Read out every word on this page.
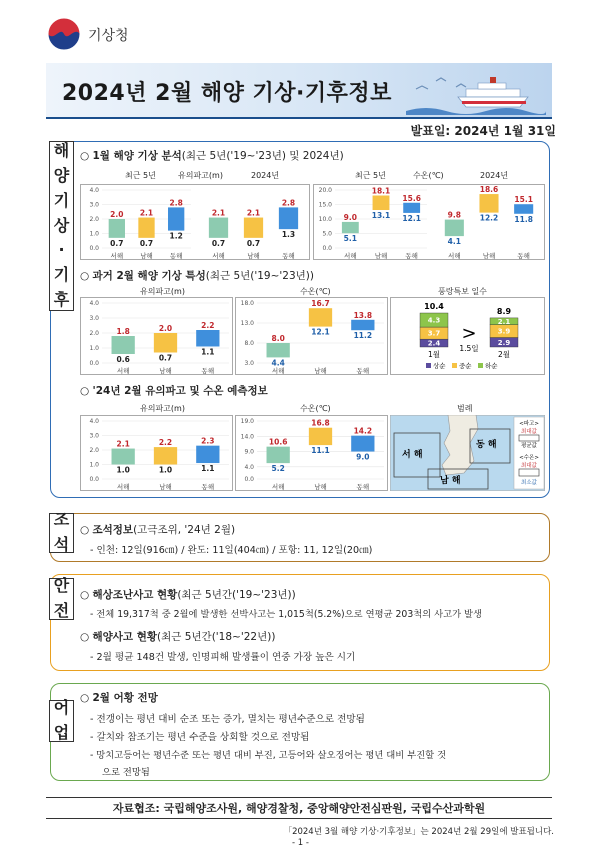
기상청
2024년 2월 해양 기상·기후정보
발표일: 2024년 1월 31일
해
양
기
상
·
기
후
○ 1월 해양 기상 분석(최근 5년('19~'23년) 및 2024년)
최근 5년	유의파고(m)	2024년	최근 5년	수온(℃)	2024년
0.0
1.0
2.0
3.0
4.0
2.0
0.7
서해
2.1
0.7
남해
2.8
1.2
동해
2.1
0.7
서해
2.1
0.7
남해
2.8
1.3
동해
0.0
5.0
10.0
15.0
20.0
9.0
5.1
서해
18.1
13.1
남해
15.6
12.1
동해
9.8
4.1
서해
18.6
12.2
남해
15.1
11.8
동해
○ 과거 2월 해양 기상 특성(최근 5년('19~'23년))
유의파고(m)	수온(℃)	풍랑특보 일수
0.0
1.0
2.0
3.0
4.0
1.8
0.6
서해
2.0
0.7
남해
2.2
1.1
동해
3.0
8.0
13.0
18.0
8.0
4.4
서해
16.7
12.1
남해
13.8
11.2
동해
10.4
8.9
2.4
3.7
4.3
2.9
3.9
2.1
>
1.5일
1월	2월
상순 중순 하순
○ '24년 2월 유의파고 및 수온 예측정보
유의파고(m)	수온(℃)	범례
0.0
1.0
2.0
3.0
4.0
2.1
1.0
서해
2.2
1.0
남해
2.3
1.1
동해
0.0
4.0
9.0
14.0
19.0
10.6
5.2
서해
16.8
11.1
남해
14.2
9.0
동해
서 해
동 해
남 해
<파고>
최대값
평균값
<수온>
최대값
최소값
조
석
○ 조석정보(고극조위, '24년 2월)
- 인천: 12일(916㎝) / 완도: 11일(404㎝) / 포항: 11, 12일(20㎝)
안
전
○ 해상조난사고 현황(최근 5년간('19~'23년))
- 전체 19,317척 중 2월에 발생한 선박사고는 1,015척(5.2%)으로 연평균 203척의 사고가 발생
○ 해양사고 현황(최근 5년간('18~'22년))
- 2월 평균 148건 발생, 인명피해 발생률이 연중 가장 높은 시기
어
업
○ 2월 어황 전망
- 전갱이는 평년 대비 순조 또는 증가, 멸치는 평년수준으로 전망됨
- 갈치와 참조기는 평년 수준을 상회할 것으로 전망됨
- 망치고등어는 평년수준 또는 평년 대비 부진, 고등어와 살오징어는 평년 대비 부진할 것
으로 전망됨
자료협조: 국립해양조사원, 해양경찰청, 중앙해양안전심판원, 국립수산과학원
「2024년 3월 해양 기상·기후정보」는 2024년 2월 29일에 발표됩니다.
- 1 -
